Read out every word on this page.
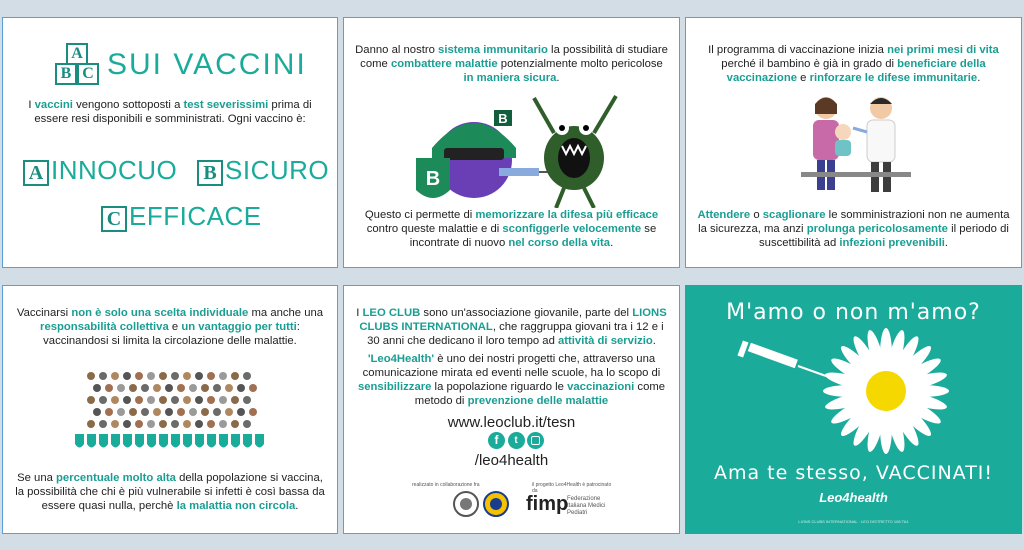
A
B C SUI VACCINI
I vaccini vengono sottoposti a test severissimi prima di essere resi disponibili e somministrati. Ogni vaccino è:
A INNOCUO	B SICURO
C EFFICACE
Danno al nostro sistema immunitario la possibilità di studiare come combattere malattie potenzialmente molto pericolose in maniera sicura.
B
B
Questo ci permette di memorizzare la difesa più efficace contro queste malattie e di sconfiggerle velocemente se incontrate di nuovo nel corso della vita.
Il programma di vaccinazione inizia nei primi mesi di vita perché il bambino è già in grado di beneficiare della vaccinazione e rinforzare le difese immunitarie.
Attendere o scaglionare le somministrazioni non ne aumenta la sicurezza, ma anzi prolunga pericolosamente il periodo di suscettibilità ad infezioni prevenibili.
Vaccinarsi non è solo una scelta individuale ma anche una responsabilità collettiva e un vantaggio per tutti: vaccinandosi si limita la circolazione delle malattie.
Se una percentuale molto alta della popolazione si vaccina, la possibilità che chi è più vulnerabile si infetti è così bassa da essere quasi nulla, perchè la malattia non circola.
I LEO CLUB sono un'associazione giovanile, parte del LIONS CLUBS INTERNATIONAL, che raggruppa giovani tra i 12 e i 30 anni che dedicano il loro tempo ad attività di servizio.
'Leo4Health' è uno dei nostri progetti che, attraverso una comunicazione mirata ed eventi nelle scuole, ha lo scopo di sensibilizzare la popolazione riguardo le vaccinazioni come metodo di prevenzione delle malattie
www.leoclub.it/tesn
f	t
/leo4health
realizzato in collaborazione fra	il progetto Leo4Health è patrocinato da
fimp
Federazione Italiana Medici Pediatri
M'amo o non m'amo?
Ama te stesso, VACCINATI!
Leo4health
LIONS CLUBS INTERNATIONAL · LEO DISTRETTO 108 TA1
